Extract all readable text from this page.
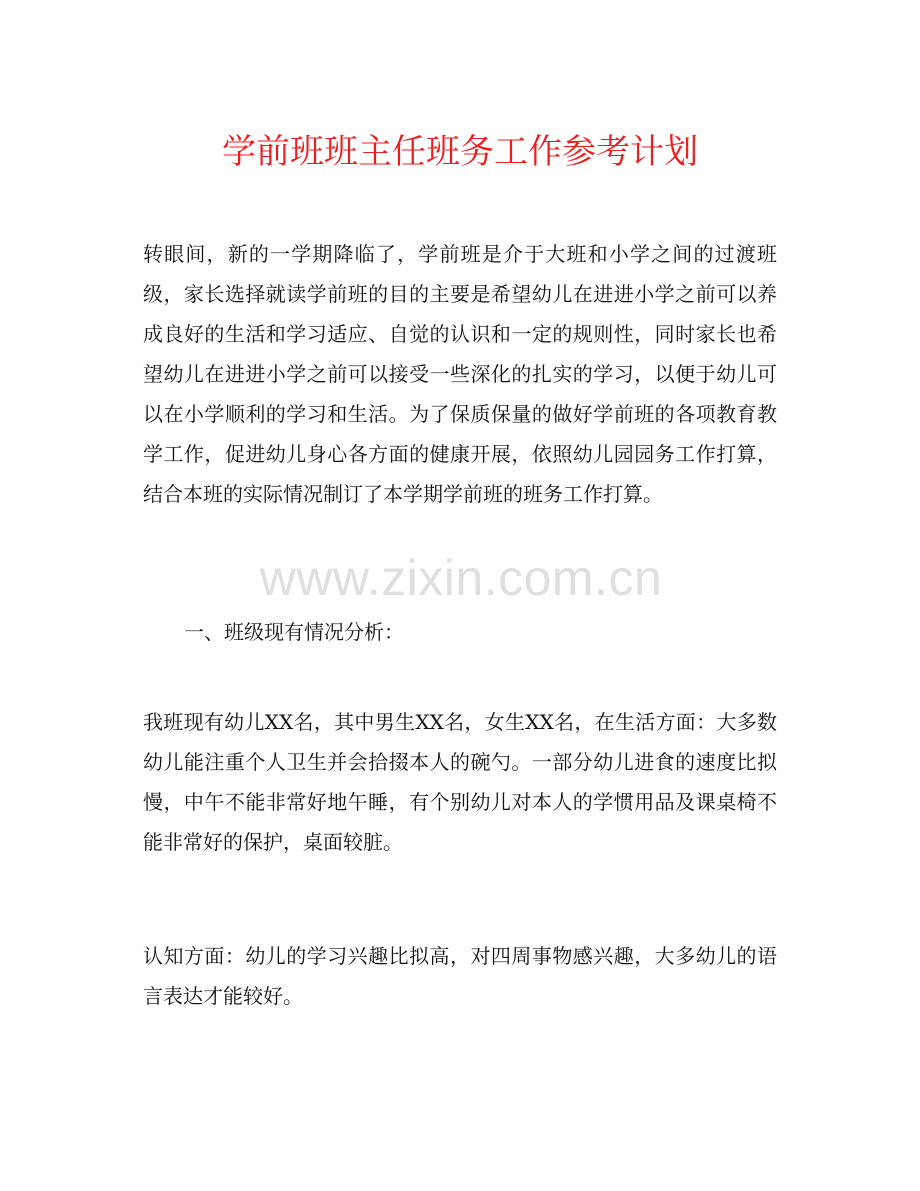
学前班班主任班务工作参考计划

转眼间，新的一学期降临了，学前班是介于大班和小学之间的过渡班级，家长选择就读学前班的目的主要是希望幼儿在进进小学之前可以养成良好的生活和学习适应、自觉的认识和一定的规则性，同时家长也希望幼儿在进进小学之前可以接受一些深化的扎实的学习，以便于幼儿可以在小学顺利的学习和生活。为了保质保量的做好学前班的各项教育教学工作，促进幼儿身心各方面的健康开展，依照幼儿园园务工作打算，结合本班的实际情况制订了本学期学前班的班务工作打算。

一、班级现有情况分析：

我班现有幼儿XX名，其中男生XX名，女生XX名，在生活方面：大多数幼儿能注重个人卫生并会拾掇本人的碗勺。一部分幼儿进食的速度比拟慢，中午不能非常好地午睡，有个别幼儿对本人的学惯用品及课桌椅不能非常好的保护，桌面较脏。

认知方面：幼儿的学习兴趣比拟高，对四周事物感兴趣，大多幼儿的语言表达才能较好。

www.zixin.com.cn
